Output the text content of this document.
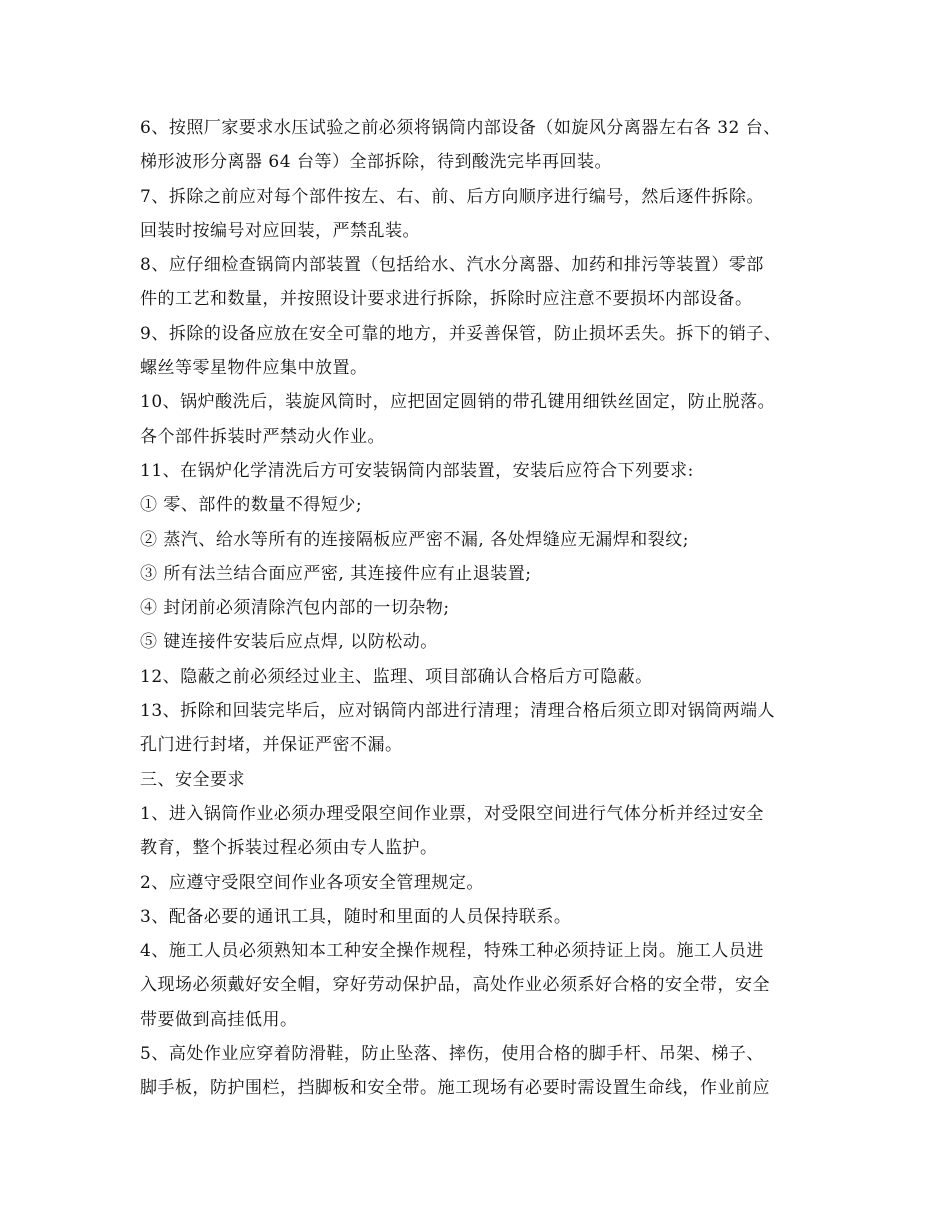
6、按照厂家要求水压试验之前必须将锅筒内部设备（如旋风分离器左右各 32 台、
梯形波形分离器 64 台等）全部拆除，待到酸洗完毕再回装。
7、拆除之前应对每个部件按左、右、前、后方向顺序进行编号，然后逐件拆除。
回装时按编号对应回装，严禁乱装。
8、应仔细检查锅筒内部装置（包括给水、汽水分离器、加药和排污等装置）零部
件的工艺和数量，并按照设计要求进行拆除，拆除时应注意不要损坏内部设备。
9、拆除的设备应放在安全可靠的地方，并妥善保管，防止损坏丢失。拆下的销子、
螺丝等零星物件应集中放置。
10、锅炉酸洗后，装旋风筒时，应把固定圆销的带孔键用细铁丝固定，防止脱落。
各个部件拆装时严禁动火作业。
11、在锅炉化学清洗后方可安装锅筒内部装置，安装后应符合下列要求:
① 零、部件的数量不得短少;
② 蒸汽、给水等所有的连接隔板应严密不漏, 各处焊缝应无漏焊和裂纹;
③ 所有法兰结合面应严密, 其连接件应有止退装置;
④ 封闭前必须清除汽包内部的一切杂物;
⑤ 键连接件安装后应点焊, 以防松动。
12、隐蔽之前必须经过业主、监理、项目部确认合格后方可隐蔽。
13、拆除和回装完毕后，应对锅筒内部进行清理；清理合格后须立即对锅筒两端人
孔门进行封堵，并保证严密不漏。
三、安全要求
1、进入锅筒作业必须办理受限空间作业票，对受限空间进行气体分析并经过安全
教育，整个拆装过程必须由专人监护。
2、应遵守受限空间作业各项安全管理规定。
3、配备必要的通讯工具，随时和里面的人员保持联系。
4、施工人员必须熟知本工种安全操作规程，特殊工种必须持证上岗。施工人员进
入现场必须戴好安全帽，穿好劳动保护品，高处作业必须系好合格的安全带，安全
带要做到高挂低用。
5、高处作业应穿着防滑鞋，防止坠落、摔伤，使用合格的脚手杆、吊架、梯子、
脚手板，防护围栏，挡脚板和安全带。施工现场有必要时需设置生命线，作业前应
